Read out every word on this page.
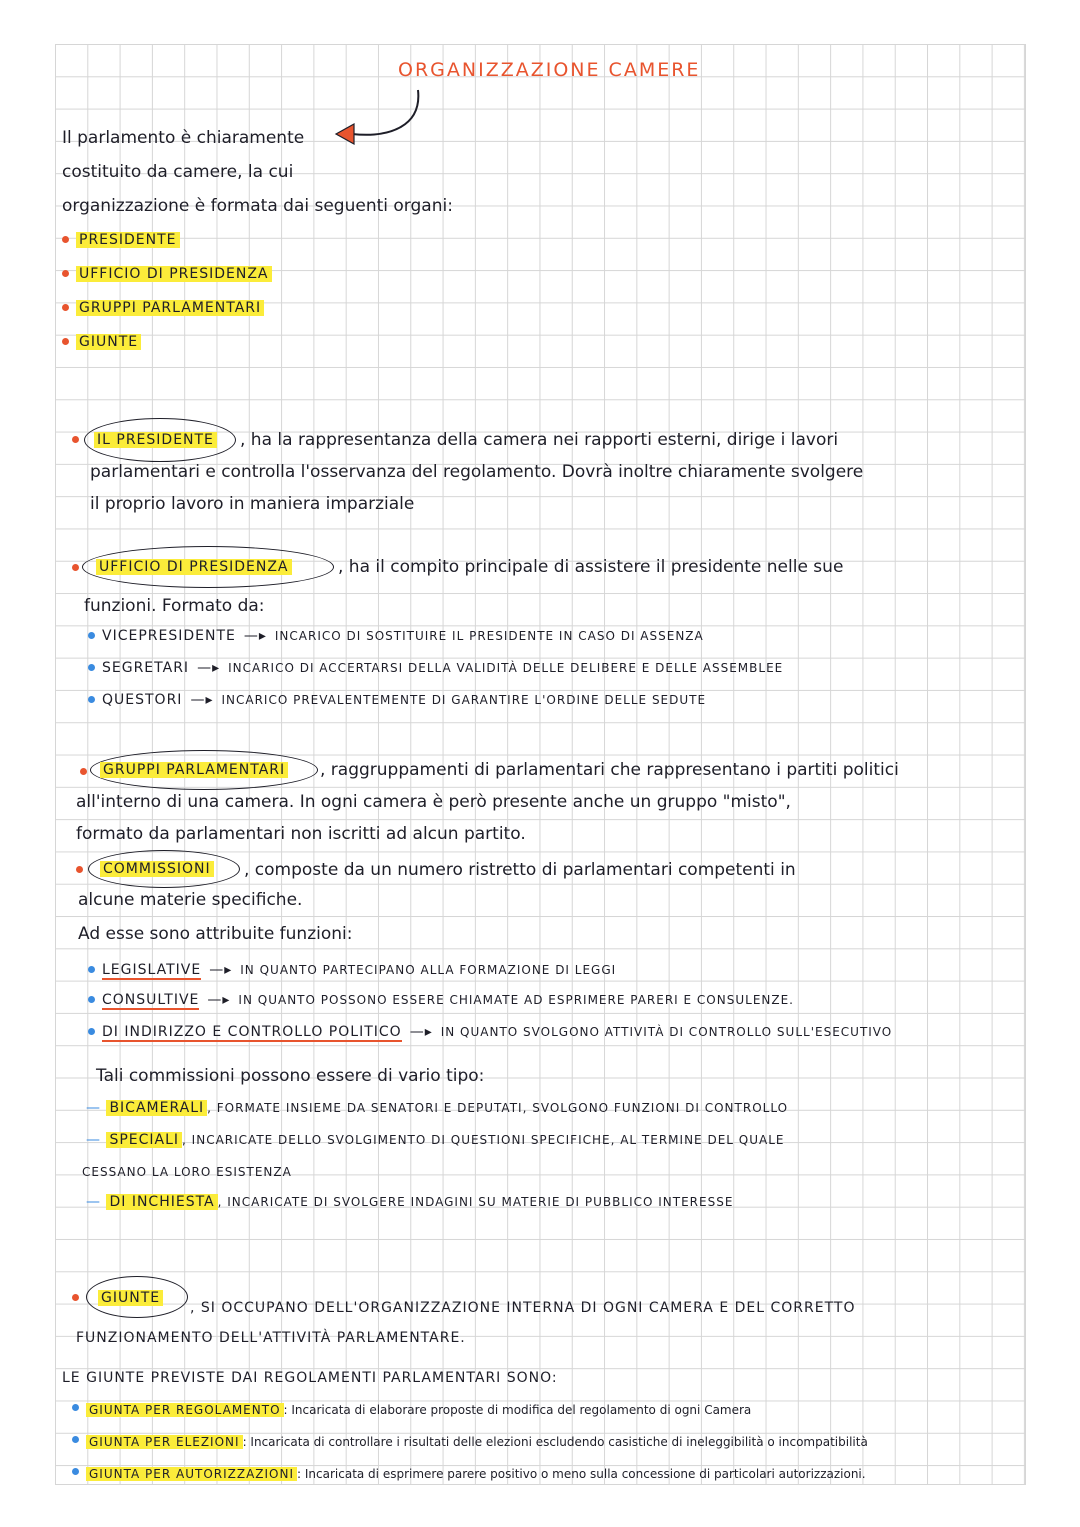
ORGANIZZAZIONE CAMERE
Il parlamento è chiaramente
costituito da camere, la cui
organizzazione è formata dai seguenti organi:
PRESIDENTE
UFFICIO DI PRESIDENZA
GRUPPI PARLAMENTARI
GIUNTE
IL PRESIDENTE , ha la rappresentanza della camera nei rapporti esterni, dirige i lavori
parlamentari e controlla l'osservanza del regolamento. Dovrà inoltre chiaramente svolgere
il proprio lavoro in maniera imparziale
UFFICIO DI PRESIDENZA	, ha il compito principale di assistere il presidente nelle sue
funzioni. Formato da:
VICEPRESIDENTE —▸ INCARICO DI SOSTITUIRE IL PRESIDENTE IN CASO DI ASSENZA
SEGRETARI —▸ INCARICO DI ACCERTARSI DELLA VALIDITÀ DELLE DELIBERE E DELLE ASSEMBLEE
QUESTORI —▸ INCARICO PREVALENTEMENTE DI GARANTIRE L'ORDINE DELLE SEDUTE
GRUPPI PARLAMENTARI , raggruppamenti di parlamentari che rappresentano i partiti politici
all'interno di una camera. In ogni camera è però presente anche un gruppo "misto",
formato da parlamentari non iscritti ad alcun partito.
COMMISSIONI , composte da un numero ristretto di parlamentari competenti in
alcune materie specifiche.
Ad esse sono attribuite funzioni:
LEGISLATIVE —▸ IN QUANTO PARTECIPANO ALLA FORMAZIONE DI LEGGI
CONSULTIVE —▸ IN QUANTO POSSONO ESSERE CHIAMATE AD ESPRIMERE PARERI E CONSULENZE.
DI INDIRIZZO E CONTROLLO POLITICO —▸ IN QUANTO SVOLGONO ATTIVITÀ DI CONTROLLO SULL'ESECUTIVO
Tali commissioni possono essere di vario tipo:
— BICAMERALI , FORMATE INSIEME DA SENATORI E DEPUTATI, SVOLGONO FUNZIONI DI CONTROLLO
— SPECIALI , INCARICATE DELLO SVOLGIMENTO DI QUESTIONI SPECIFICHE, AL TERMINE DEL QUALE
CESSANO LA LORO ESISTENZA
— DI INCHIESTA , INCARICATE DI SVOLGERE INDAGINI SU MATERIE DI PUBBLICO INTERESSE
GIUNTE
, SI OCCUPANO DELL'ORGANIZZAZIONE INTERNA DI OGNI CAMERA E DEL CORRETTO
FUNZIONAMENTO DELL'ATTIVITÀ PARLAMENTARE.
LE GIUNTE PREVISTE DAI REGOLAMENTI PARLAMENTARI SONO:
GIUNTA PER REGOLAMENTO : Incaricata di elaborare proposte di modifica del regolamento di ogni Camera
GIUNTA PER ELEZIONI : Incaricata di controllare i risultati delle elezioni escludendo casistiche di ineleggibilità o incompatibilità
GIUNTA PER AUTORIZZAZIONI : Incaricata di esprimere parere positivo o meno sulla concessione di particolari autorizzazioni.
